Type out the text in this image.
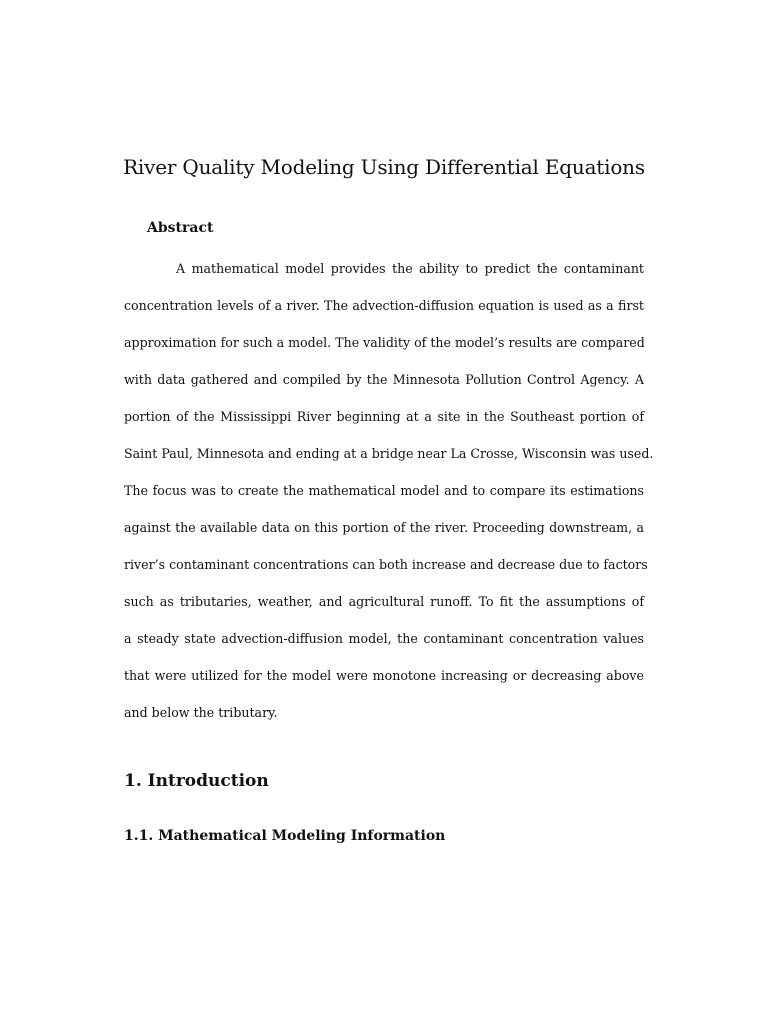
River Quality Modeling Using Differential Equations
Abstract
A mathematical model provides the ability to predict the contaminant
concentration levels of a river. The advection-diffusion equation is used as a first
approximation for such a model. The validity of the model’s results are compared
with data gathered and compiled by the Minnesota Pollution Control Agency. A
portion of the Mississippi River beginning at a site in the Southeast portion of
Saint Paul, Minnesota and ending at a bridge near La Crosse, Wisconsin was used.
The focus was to create the mathematical model and to compare its estimations
against the available data on this portion of the river. Proceeding downstream, a
river’s contaminant concentrations can both increase and decrease due to factors
such as tributaries, weather, and agricultural runoff. To fit the assumptions of
a steady state advection-diffusion model, the contaminant concentration values
that were utilized for the model were monotone increasing or decreasing above
and below the tributary.
1. Introduction
1.1. Mathematical Modeling Information
